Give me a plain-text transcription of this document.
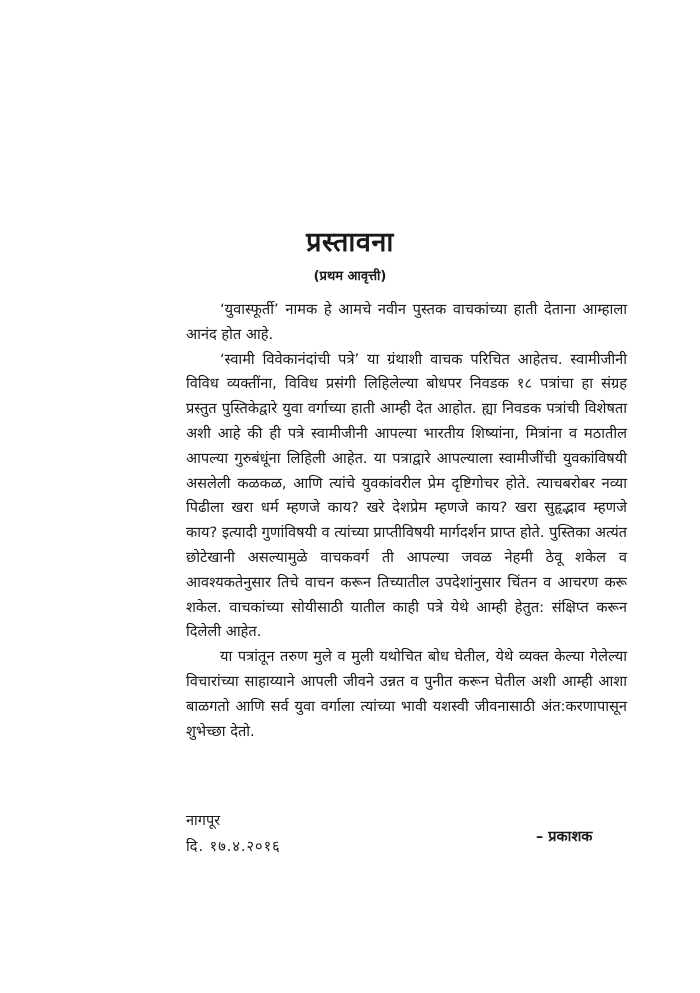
प्रस्तावना
(प्रथम आवृत्ती)

‘युवास्फूर्ती’ नामक हे आमचे नवीन पुस्तक वाचकांच्या हाती देताना आम्हाला आनंद होत आहे.

‘स्वामी विवेकानंदांची पत्रे’ या ग्रंथाशी वाचक परिचित आहेतच. स्वामीजीनी विविध व्यक्तींना, विविध प्रसंगी लिहिलेल्या बोधपर निवडक १८ पत्रांचा हा संग्रह प्रस्तुत पुस्तिकेद्वारे युवा वर्गाच्या हाती आम्ही देत आहोत. ह्या निवडक पत्रांची विशेषता अशी आहे की ही पत्रे स्वामीजीनी आपल्या भारतीय शिष्यांना, मित्रांना व मठातील आपल्या गुरुबंधूंना लिहिली आहेत. या पत्राद्वारे आपल्याला स्वामीजींची युवकांविषयी असलेली कळकळ, आणि त्यांचे युवकांवरील प्रेम दृष्टिगोचर होते. त्याचबरोबर नव्या पिढीला खरा धर्म म्हणजे काय? खरे देशप्रेम म्हणजे काय? खरा सुहृद्भाव म्हणजे काय? इत्यादी गुणांविषयी व त्यांच्या प्राप्तीविषयी मार्गदर्शन प्राप्त होते. पुस्तिका अत्यंत छोटेखानी असल्यामुळे वाचकवर्ग ती आपल्या जवळ नेहमी ठेवू शकेल व आवश्यकतेनुसार तिचे वाचन करून तिच्यातील उपदेशांनुसार चिंतन व आचरण करू शकेल. वाचकांच्या सोयीसाठी यातील काही पत्रे येथे आम्ही हेतुत: संक्षिप्त करून दिलेली आहेत.

या पत्रांतून तरुण मुले व मुली यथोचित बोध घेतील, येथे व्यक्त केल्या गेलेल्या विचारांच्या साहाय्याने आपली जीवने उन्नत व पुनीत करून घेतील अशी आम्ही आशा बाळगतो आणि सर्व युवा वर्गाला त्यांच्या भावी यशस्वी जीवनासाठी अंत:करणापासून शुभेच्छा देतो.

नागपूर
दि. १७.४.२०१६
– प्रकाशक
